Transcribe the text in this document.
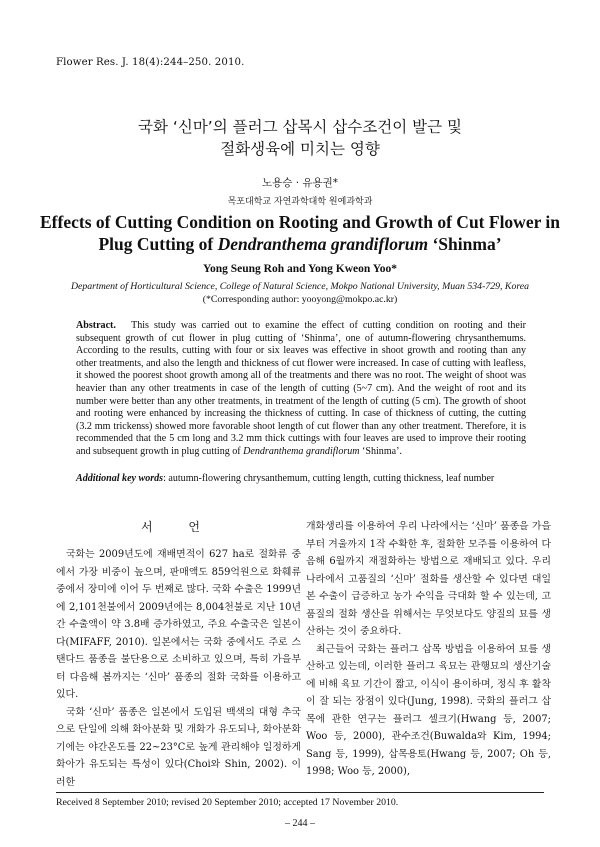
Flower Res. J. 18(4):244–250. 2010.
국화 ‘신마’의 플러그 삽목시 삽수조건이 발근 및
절화생육에 미치는 영향
노용승 · 유용권*
목포대학교 자연과학대학 원예과학과
Effects of Cutting Condition on Rooting and Growth of Cut Flower in
Plug Cutting of Dendranthema grandiflorum ‘Shinma’
Yong Seung Roh and Yong Kweon Yoo*
Department of Horticultural Science, College of Natural Science, Mokpo National University, Muan 534-729, Korea
(*Corresponding author: yooyong@mokpo.ac.kr)
Abstract. This study was carried out to examine the effect of cutting condition on rooting and their subsequent growth of cut flower in plug cutting of ‘Shinma’, one of autumn-flowering chrysanthemums. According to the results, cutting with four or six leaves was effective in shoot growth and rooting than any other treatments, and also the length and thickness of cut flower were increased. In case of cutting with leafless, it showed the poorest shoot growth among all of the treatments and there was no root. The weight of shoot was heavier than any other treatments in case of the length of cutting (5~7 cm). And the weight of root and its number were better than any other treatments, in treatment of the length of cutting (5 cm). The growth of shoot and rooting were enhanced by increasing the thickness of cutting. In case of thickness of cutting, the cutting (3.2 mm trickenss) showed more favorable shoot length of cut flower than any other treatment. Therefore, it is recommended that the 5 cm long and 3.2 mm thick cuttings with four leaves are used to improve their rooting and subsequent growth in plug cutting of Dendranthema grandiflorum ‘Shinma’.
Additional key words: autumn-flowering chrysanthemum, cutting length, cutting thickness, leaf number
서 언

국화는 2009년도에 재배면적이 627 ha로 절화류 중에서 가장 비중이 높으며, 판매액도 859억원으로 화훼류 중에서 장미에 이어 두 번째로 많다. 국화 수출은 1999년에 2,101천불에서 2009년에는 8,004천불로 지난 10년간 수출액이 약 3.8배 증가하였고, 주요 수출국은 일본이다(MIFAFF, 2010). 일본에서는 국화 중에서도 주로 스탠다드 품종을 불단용으로 소비하고 있으며, 특히 가을부터 다음해 봄까지는 ‘신마’ 품종의 절화 국화를 이용하고 있다.

국화 ‘신마’ 품종은 일본에서 도입된 백색의 대형 추국으로 단일에 의해 화아분화 및 개화가 유도되나, 화아분화기에는 야간온도를 22~23°C로 높게 관리해야 일정하게 화아가 유도되는 특성이 있다(Choi와 Shin, 2002). 이러한

개화생리를 이용하여 우리 나라에서는 ‘신마’ 품종을 가을부터 겨울까지 1작 수확한 후, 절화한 모주를 이용하여 다음해 6월까지 재절화하는 방법으로 재배되고 있다. 우리나라에서 고품질의 ‘신마’ 절화를 생산할 수 있다면 대일본 수출이 급증하고 농가 수익을 극대화 할 수 있는데, 고품질의 절화 생산을 위해서는 무엇보다도 양질의 묘를 생산하는 것이 중요하다.

최근들어 국화는 플러그 삽목 방법을 이용하여 묘를 생산하고 있는데, 이러한 플러그 육묘는 관행묘의 생산기술에 비해 육묘 기간이 짧고, 이식이 용이하며, 정식 후 활착이 잘 되는 장점이 있다(Jung, 1998). 국화의 플러그 삽목에 관한 연구는 플러그 셀크기(Hwang 등, 2007; Woo 등, 2000), 관수조건(Buwalda와 Kim, 1994; Sang 등, 1999), 삽목용토(Hwang 등, 2007; Oh 등, 1998; Woo 등, 2000),

Received 8 September 2010; revised 20 September 2010; accepted 17 November 2010.
– 244 –
